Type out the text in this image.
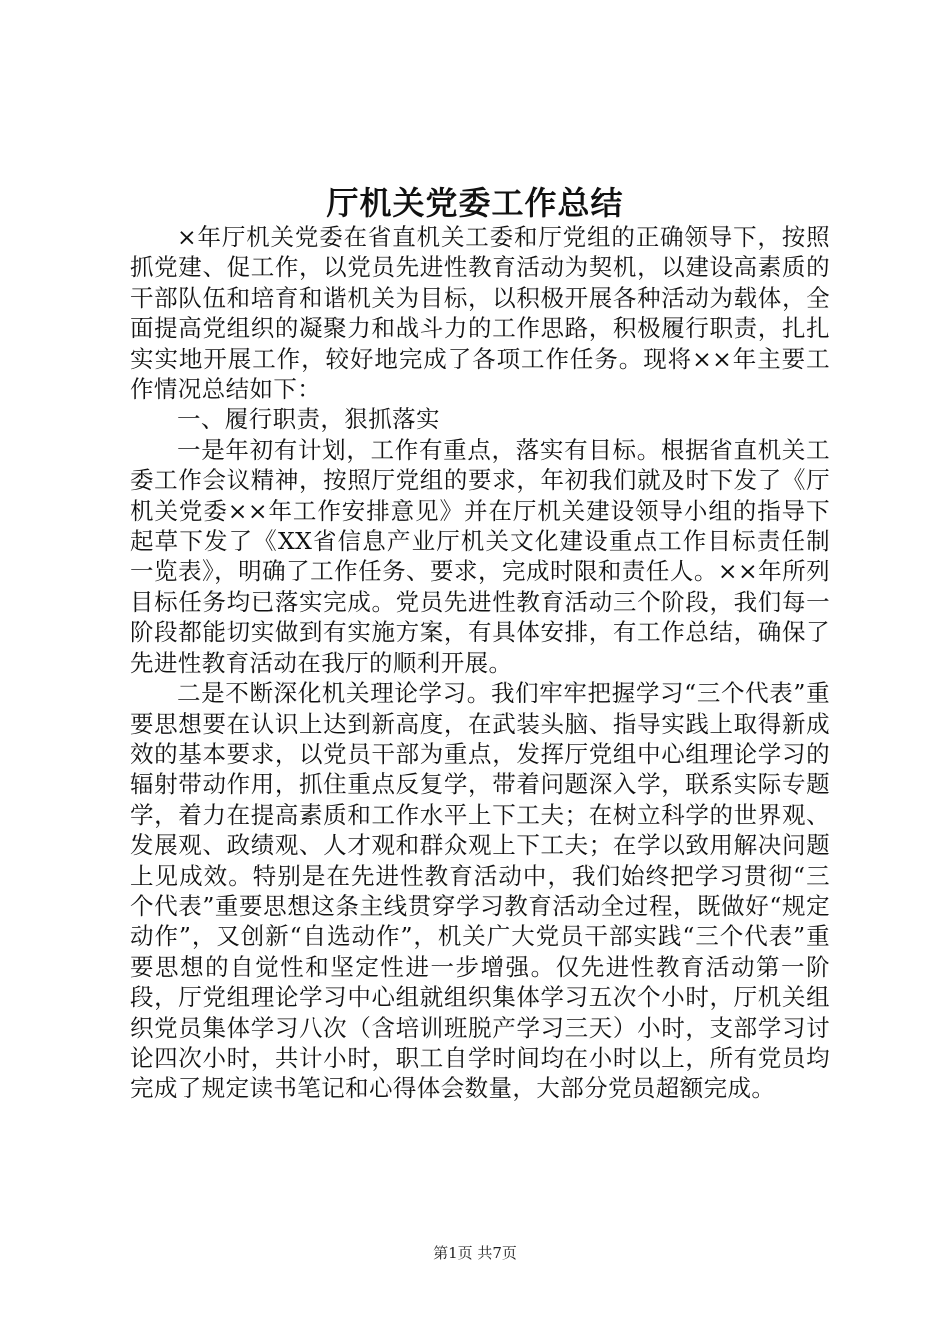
厅机关党委工作总结

×年厅机关党委在省直机关工委和厅党组的正确领导下，按照抓党建、促工作，以党员先进性教育活动为契机，以建设高素质的干部队伍和培育和谐机关为目标，以积极开展各种活动为载体，全面提高党组织的凝聚力和战斗力的工作思路，积极履行职责，扎扎实实地开展工作，较好地完成了各项工作任务。现将××年主要工作情况总结如下：

一、履行职责，狠抓落实

一是年初有计划，工作有重点，落实有目标。根据省直机关工委工作会议精神，按照厅党组的要求，年初我们就及时下发了《厅机关党委××年工作安排意见》并在厅机关建设领导小组的指导下起草下发了《XX省信息产业厅机关文化建设重点工作目标责任制一览表》，明确了工作任务、要求，完成时限和责任人。××年所列目标任务均已落实完成。党员先进性教育活动三个阶段，我们每一阶段都能切实做到有实施方案，有具体安排，有工作总结，确保了先进性教育活动在我厅的顺利开展。

二是不断深化机关理论学习。我们牢牢把握学习“三个代表”重要思想要在认识上达到新高度，在武装头脑、指导实践上取得新成效的基本要求，以党员干部为重点，发挥厅党组中心组理论学习的辐射带动作用，抓住重点反复学，带着问题深入学，联系实际专题学，着力在提高素质和工作水平上下工夫；在树立科学的世界观、发展观、政绩观、人才观和群众观上下工夫；在学以致用解决问题上见成效。特别是在先进性教育活动中，我们始终把学习贯彻“三个代表”重要思想这条主线贯穿学习教育活动全过程，既做好“规定动作”，又创新“自选动作”，机关广大党员干部实践“三个代表”重要思想的自觉性和坚定性进一步增强。仅先进性教育活动第一阶段，厅党组理论学习中心组就组织集体学习五次个小时，厅机关组织党员集体学习八次（含培训班脱产学习三天）小时，支部学习讨论四次小时，共计小时，职工自学时间均在小时以上，所有党员均完成了规定读书笔记和心得体会数量，大部分党员超额完成。

第1页 共7页
